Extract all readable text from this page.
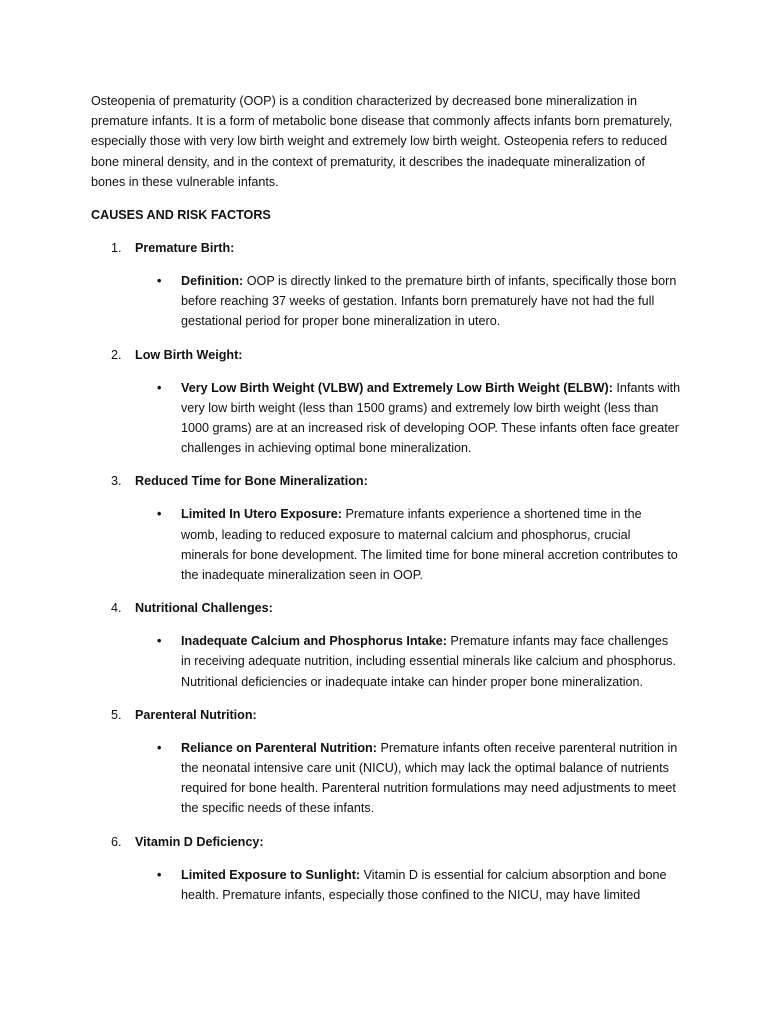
Osteopenia of prematurity (OOP) is a condition characterized by decreased bone mineralization in premature infants. It is a form of metabolic bone disease that commonly affects infants born prematurely, especially those with very low birth weight and extremely low birth weight. Osteopenia refers to reduced bone mineral density, and in the context of prematurity, it describes the inadequate mineralization of bones in these vulnerable infants.

CAUSES AND RISK FACTORS

1. Premature Birth:
• Definition: OOP is directly linked to the premature birth of infants, specifically those born before reaching 37 weeks of gestation. Infants born prematurely have not had the full gestational period for proper bone mineralization in utero.
2. Low Birth Weight:
• Very Low Birth Weight (VLBW) and Extremely Low Birth Weight (ELBW): Infants with very low birth weight (less than 1500 grams) and extremely low birth weight (less than 1000 grams) are at an increased risk of developing OOP. These infants often face greater challenges in achieving optimal bone mineralization.
3. Reduced Time for Bone Mineralization:
• Limited In Utero Exposure: Premature infants experience a shortened time in the womb, leading to reduced exposure to maternal calcium and phosphorus, crucial minerals for bone development. The limited time for bone mineral accretion contributes to the inadequate mineralization seen in OOP.
4. Nutritional Challenges:
• Inadequate Calcium and Phosphorus Intake: Premature infants may face challenges in receiving adequate nutrition, including essential minerals like calcium and phosphorus. Nutritional deficiencies or inadequate intake can hinder proper bone mineralization.
5. Parenteral Nutrition:
• Reliance on Parenteral Nutrition: Premature infants often receive parenteral nutrition in the neonatal intensive care unit (NICU), which may lack the optimal balance of nutrients required for bone health. Parenteral nutrition formulations may need adjustments to meet the specific needs of these infants.
6. Vitamin D Deficiency:
• Limited Exposure to Sunlight: Vitamin D is essential for calcium absorption and bone health. Premature infants, especially those confined to the NICU, may have limited
